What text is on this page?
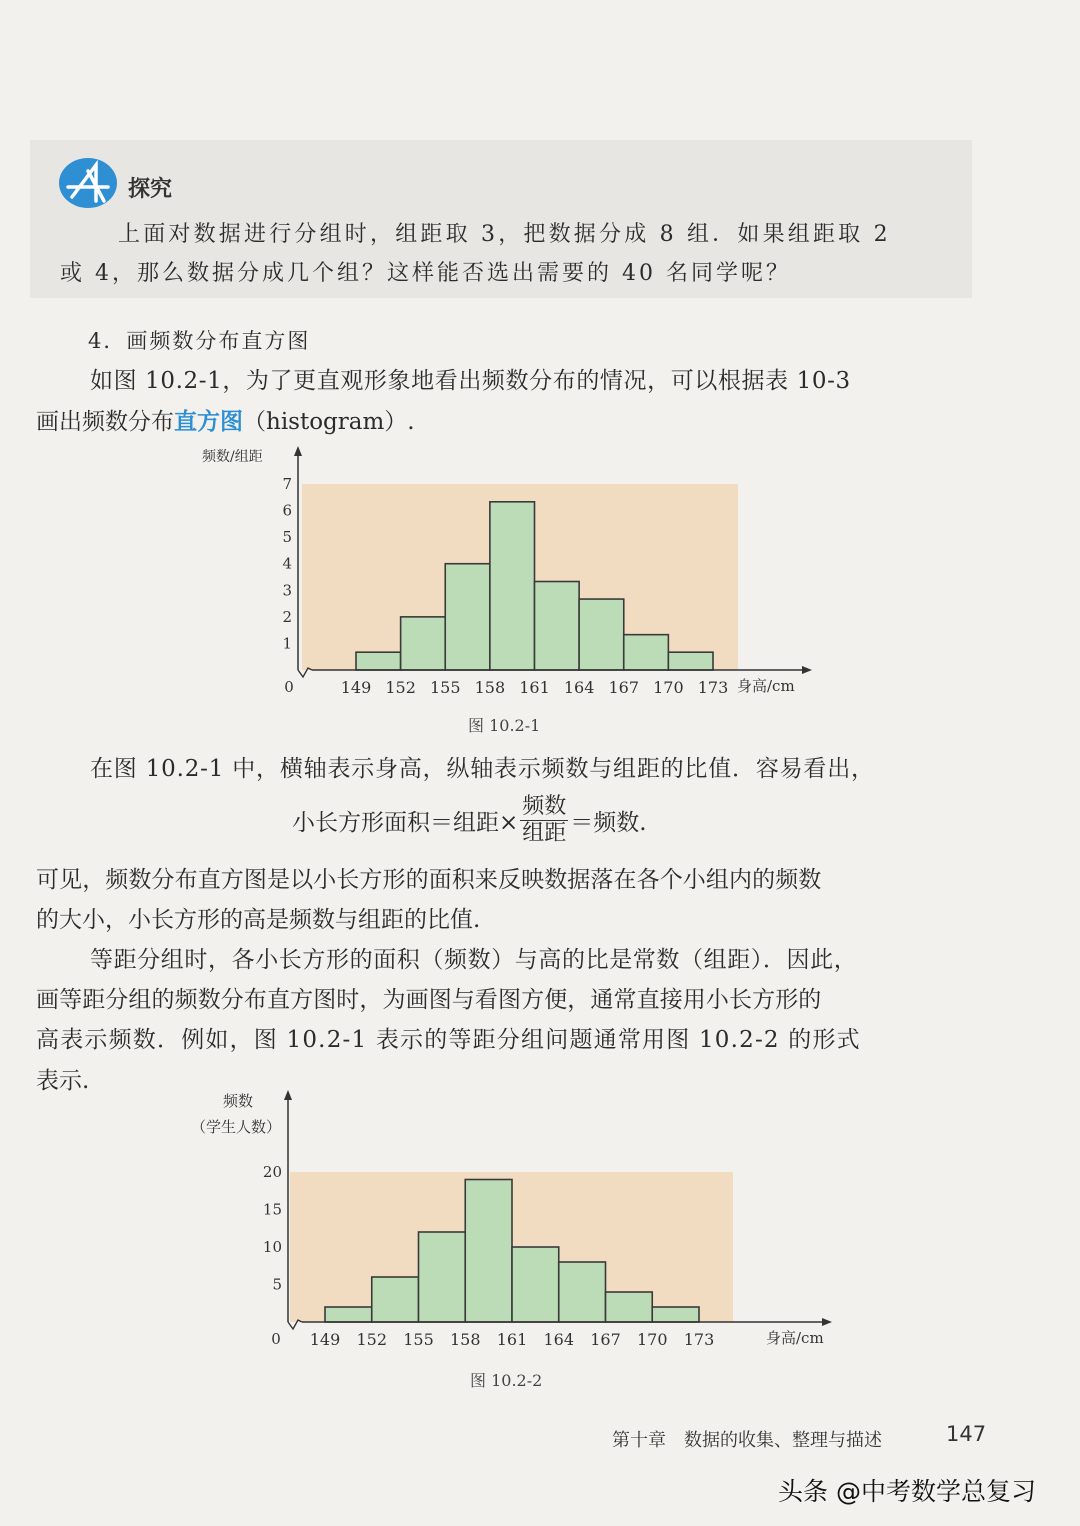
探究
上面对数据进行分组时，组距取 3，把数据分成 8 组．如果组距取 2
或 4，那么数据分成几个组？这样能否选出需要的 40 名同学呢？
4．画频数分布直方图
如图 10.2-1，为了更直观形象地看出频数分布的情况，可以根据表 10-3
画出频数分布直方图（histogram）.
1
2
3
4
5
6
7
0	149 152 155 158 161 164 167 170 173 身高/cm
频数/组距
图 10.2-1
在图 10.2-1 中，横轴表示身高，纵轴表示频数与组距的比值．容易看出，
小长方形面积＝组距× $\frac{\text{频数}}{\text{组距}}$ ＝频数.
可见，频数分布直方图是以小长方形的面积来反映数据落在各个小组内的频数
的大小，小长方形的高是频数与组距的比值.
等距分组时，各小长方形的面积（频数）与高的比是常数（组距）．因此，
画等距分组的频数分布直方图时，为画图与看图方便，通常直接用小长方形的
高表示频数．例如，图 10.2-1 表示的等距分组问题通常用图 10.2-2 的形式
表示.
5
10
15
20
0 149 152 155 158 161 164 167 170 173	身高/cm
频数
（学生人数）
图 10.2-2
第十章　数据的收集、整理与描述	147
头条 @中考数学总复习
